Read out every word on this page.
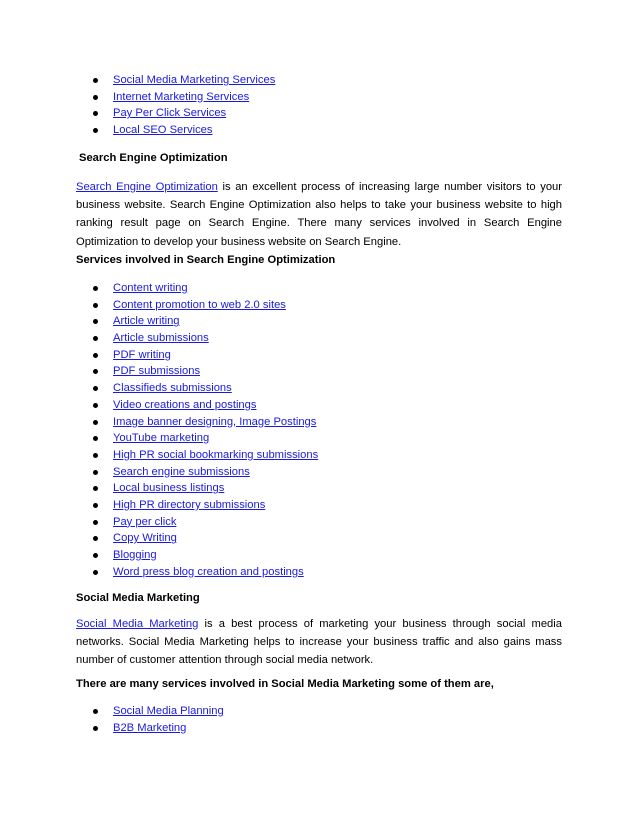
Social Media Marketing Services
Internet Marketing Services
Pay Per Click Services
Local SEO Services
Search Engine Optimization

Search Engine Optimization is an excellent process of increasing large number visitors to your business website. Search Engine Optimization also helps to take your business website to high ranking result page on Search Engine. There many services involved in Search Engine Optimization to develop your business website on Search Engine.

Services involved in Search Engine Optimization
Content writing
Content promotion to web 2.0 sites
Article writing
Article submissions
PDF writing
PDF submissions
Classifieds submissions
Video creations and postings
Image banner designing, Image Postings
YouTube marketing
High PR social bookmarking submissions
Search engine submissions
Local business listings
High PR directory submissions
Pay per click
Copy Writing
Blogging
Word press blog creation and postings
Social Media Marketing

Social Media Marketing is a best process of marketing your business through social media networks. Social Media Marketing helps to increase your business traffic and also gains mass number of customer attention through social media network.

There are many services involved in Social Media Marketing some of them are,
Social Media Planning
B2B Marketing
